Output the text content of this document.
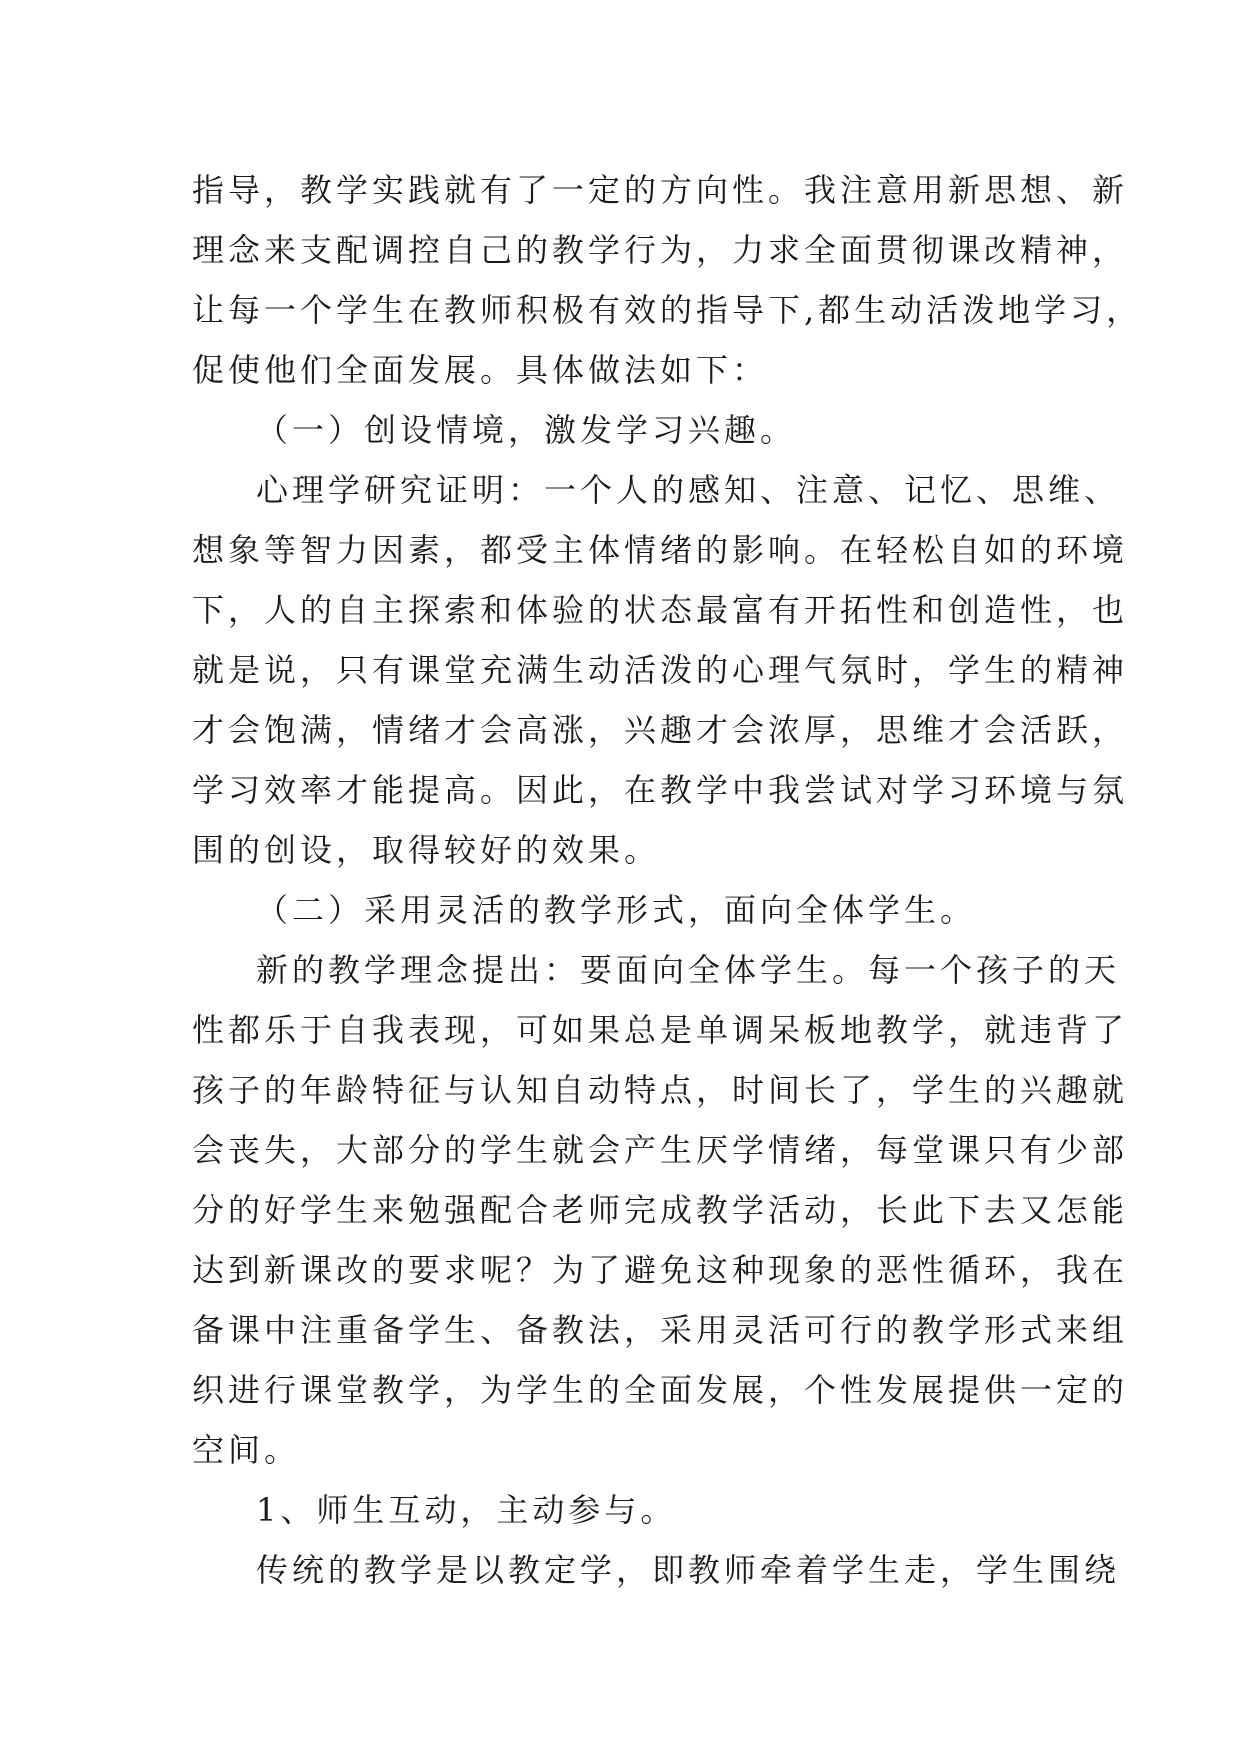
指导，教学实践就有了一定的方向性。我注意用新思想、新
理念来支配调控自己的教学行为，力求全面贯彻课改精神，
让每一个学生在教师积极有效的指导下,都生动活泼地学习，
促使他们全面发展。具体做法如下：
（一）创设情境，激发学习兴趣。
心理学研究证明：一个人的感知、注意、记忆、思维、
想象等智力因素，都受主体情绪的影响。在轻松自如的环境
下，人的自主探索和体验的状态最富有开拓性和创造性，也
就是说，只有课堂充满生动活泼的心理气氛时，学生的精神
才会饱满，情绪才会高涨，兴趣才会浓厚，思维才会活跃，
学习效率才能提高。因此，在教学中我尝试对学习环境与氛
围的创设，取得较好的效果。
（二）采用灵活的教学形式，面向全体学生。
新的教学理念提出：要面向全体学生。每一个孩子的天
性都乐于自我表现，可如果总是单调呆板地教学，就违背了
孩子的年龄特征与认知自动特点，时间长了，学生的兴趣就
会丧失，大部分的学生就会产生厌学情绪，每堂课只有少部
分的好学生来勉强配合老师完成教学活动，长此下去又怎能
达到新课改的要求呢？为了避免这种现象的恶性循环，我在
备课中注重备学生、备教法，采用灵活可行的教学形式来组
织进行课堂教学，为学生的全面发展，个性发展提供一定的
空间。
1、师生互动，主动参与。
传统的教学是以教定学，即教师牵着学生走，学生围绕
